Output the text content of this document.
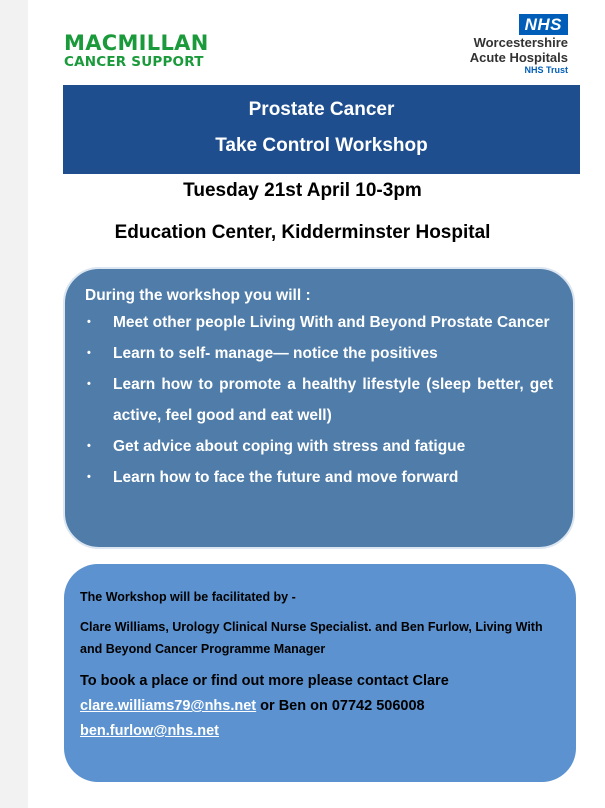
MACMILLAN
CANCER SUPPORT
NHS
Worcestershire
Acute Hospitals
NHS Trust
Prostate Cancer
Take Control Workshop
Tuesday 21st April 10-3pm
Education Center, Kidderminster Hospital
During the workshop you will :
• Meet other people Living With and Beyond Prostate Cancer
• Learn to self- manage— notice the positives
• Learn how to promote a healthy lifestyle (sleep better, get active, feel good and eat well)
• Get advice about coping with stress and fatigue
• Learn how to face the future and move forward
The Workshop will be facilitated by -
Clare Williams, Urology Clinical Nurse Specialist. and Ben Furlow, Living With and Beyond Cancer Programme Manager
To book a place or find out more please contact Clare
clare.williams79@nhs.net or Ben on 07742 506008
ben.furlow@nhs.net
